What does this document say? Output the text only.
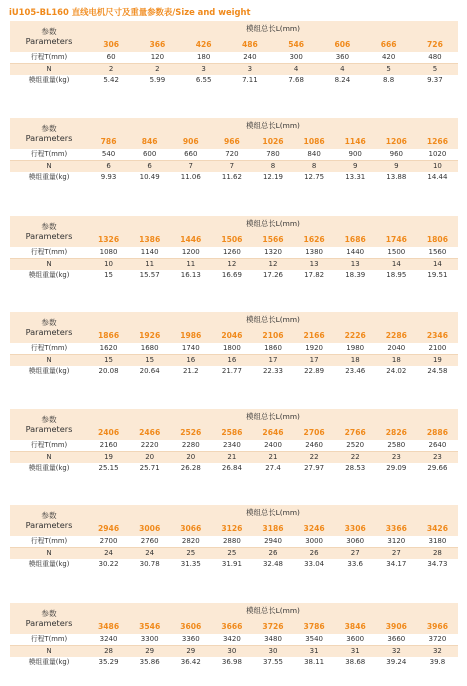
iU105-BL160 直线电机尺寸及重量参数表/Size and weight
参数
Parameters	模组总长L(mm)							
	306	366	426	486	546	606	666	726
行程T(mm)	60	120	180	240	300	360	420	480
N	2	2	3	3	4	4	5	5
模组重量(kg)	5.42	5.99	6.55	7.11	7.68	8.24	8.8	9.37
参数
Parameters	模组总长L(mm)								
	786	846	906	966	1026	1086	1146	1206	1266
行程T(mm)	540	600	660	720	780	840	900	960	1020
N	6	6	7	7	8	8	9	9	10
模组重量(kg)	9.93	10.49	11.06	11.62	12.19	12.75	13.31	13.88	14.44
参数
Parameters	模组总长L(mm)								
	1326	1386	1446	1506	1566	1626	1686	1746	1806
行程T(mm)	1080	1140	1200	1260	1320	1380	1440	1500	1560
N	10	11	11	12	12	13	13	14	14
模组重量(kg)	15	15.57	16.13	16.69	17.26	17.82	18.39	18.95	19.51
参数
Parameters	模组总长L(mm)								
	1866	1926	1986	2046	2106	2166	2226	2286	2346
行程T(mm)	1620	1680	1740	1800	1860	1920	1980	2040	2100
N	15	15	16	16	17	17	18	18	19
模组重量(kg)	20.08	20.64	21.2	21.77	22.33	22.89	23.46	24.02	24.58
参数
Parameters	模组总长L(mm)								
	2406	2466	2526	2586	2646	2706	2766	2826	2886
行程T(mm)	2160	2220	2280	2340	2400	2460	2520	2580	2640
N	19	20	20	21	21	22	22	23	23
模组重量(kg)	25.15	25.71	26.28	26.84	27.4	27.97	28.53	29.09	29.66
参数
Parameters	模组总长L(mm)								
	2946	3006	3066	3126	3186	3246	3306	3366	3426
行程T(mm)	2700	2760	2820	2880	2940	3000	3060	3120	3180
N	24	24	25	25	26	26	27	27	28
模组重量(kg)	30.22	30.78	31.35	31.91	32.48	33.04	33.6	34.17	34.73
参数
Parameters	模组总长L(mm)								
	3486	3546	3606	3666	3726	3786	3846	3906	3966
行程T(mm)	3240	3300	3360	3420	3480	3540	3600	3660	3720
N	28	29	29	30	30	31	31	32	32
模组重量(kg)	35.29	35.86	36.42	36.98	37.55	38.11	38.68	39.24	39.8
